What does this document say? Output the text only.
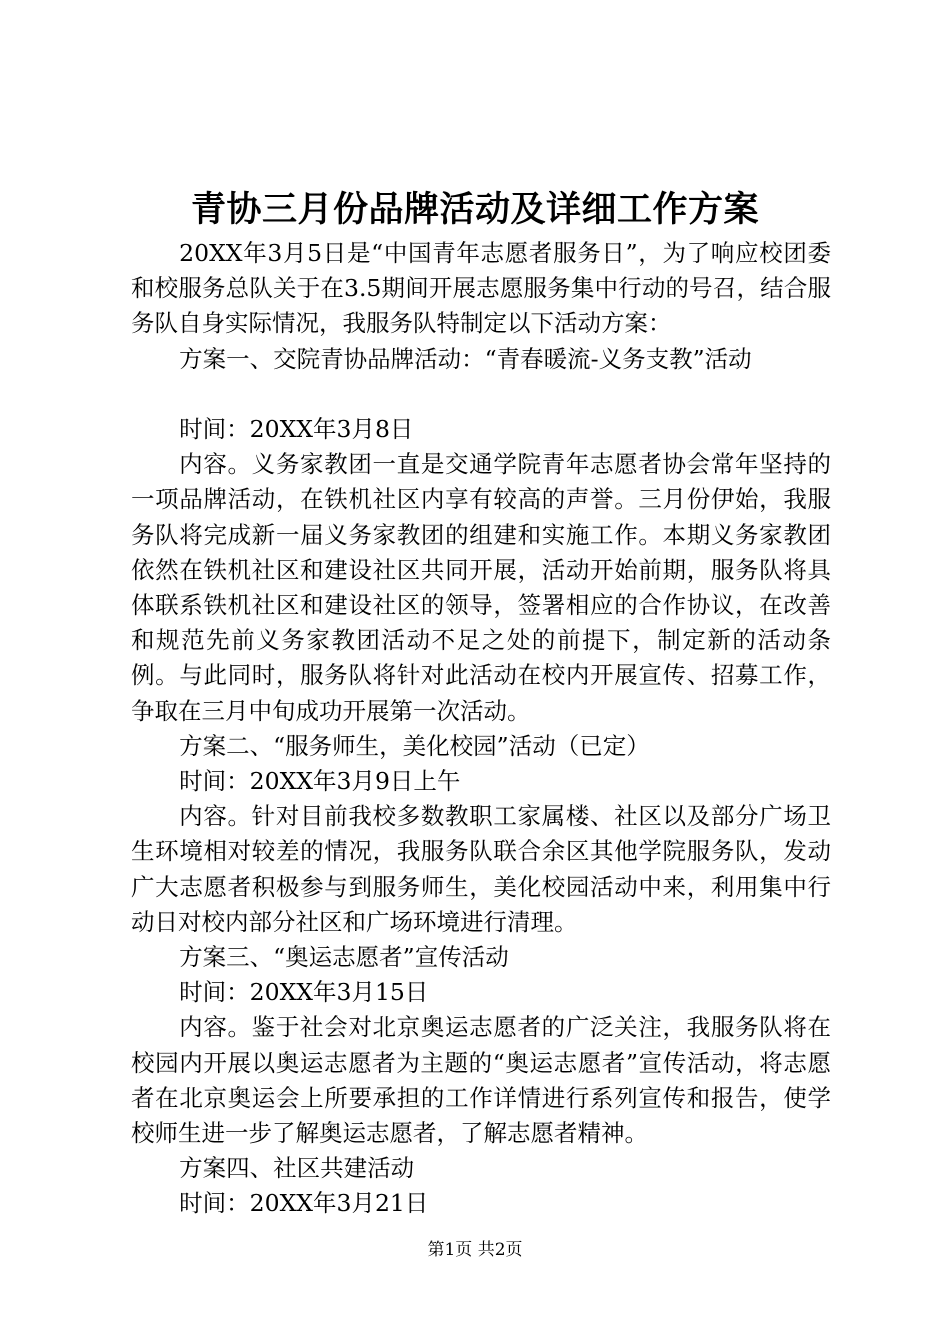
青协三月份品牌活动及详细工作方案

20XX年3月5日是“中国青年志愿者服务日”，为了响应校团委和校服务总队关于在3.5期间开展志愿服务集中行动的号召，结合服务队自身实际情况，我服务队特制定以下活动方案：

方案一、交院青协品牌活动：“青春暖流-义务支教”活动

时间：20XX年3月8日

内容。义务家教团一直是交通学院青年志愿者协会常年坚持的一项品牌活动，在铁机社区内享有较高的声誉。三月份伊始，我服务队将完成新一届义务家教团的组建和实施工作。本期义务家教团依然在铁机社区和建设社区共同开展，活动开始前期，服务队将具体联系铁机社区和建设社区的领导，签署相应的合作协议，在改善和规范先前义务家教团活动不足之处的前提下，制定新的活动条例。与此同时，服务队将针对此活动在校内开展宣传、招募工作，争取在三月中旬成功开展第一次活动。

方案二、“服务师生，美化校园”活动（已定）

时间：20XX年3月9日上午

内容。针对目前我校多数教职工家属楼、社区以及部分广场卫生环境相对较差的情况，我服务队联合余区其他学院服务队，发动广大志愿者积极参与到服务师生，美化校园活动中来，利用集中行动日对校内部分社区和广场环境进行清理。

方案三、“奥运志愿者”宣传活动

时间：20XX年3月15日

内容。鉴于社会对北京奥运志愿者的广泛关注，我服务队将在校园内开展以奥运志愿者为主题的“奥运志愿者”宣传活动，将志愿者在北京奥运会上所要承担的工作详情进行系列宣传和报告，使学校师生进一步了解奥运志愿者，了解志愿者精神。

方案四、社区共建活动

时间：20XX年3月21日

第1页 共2页
